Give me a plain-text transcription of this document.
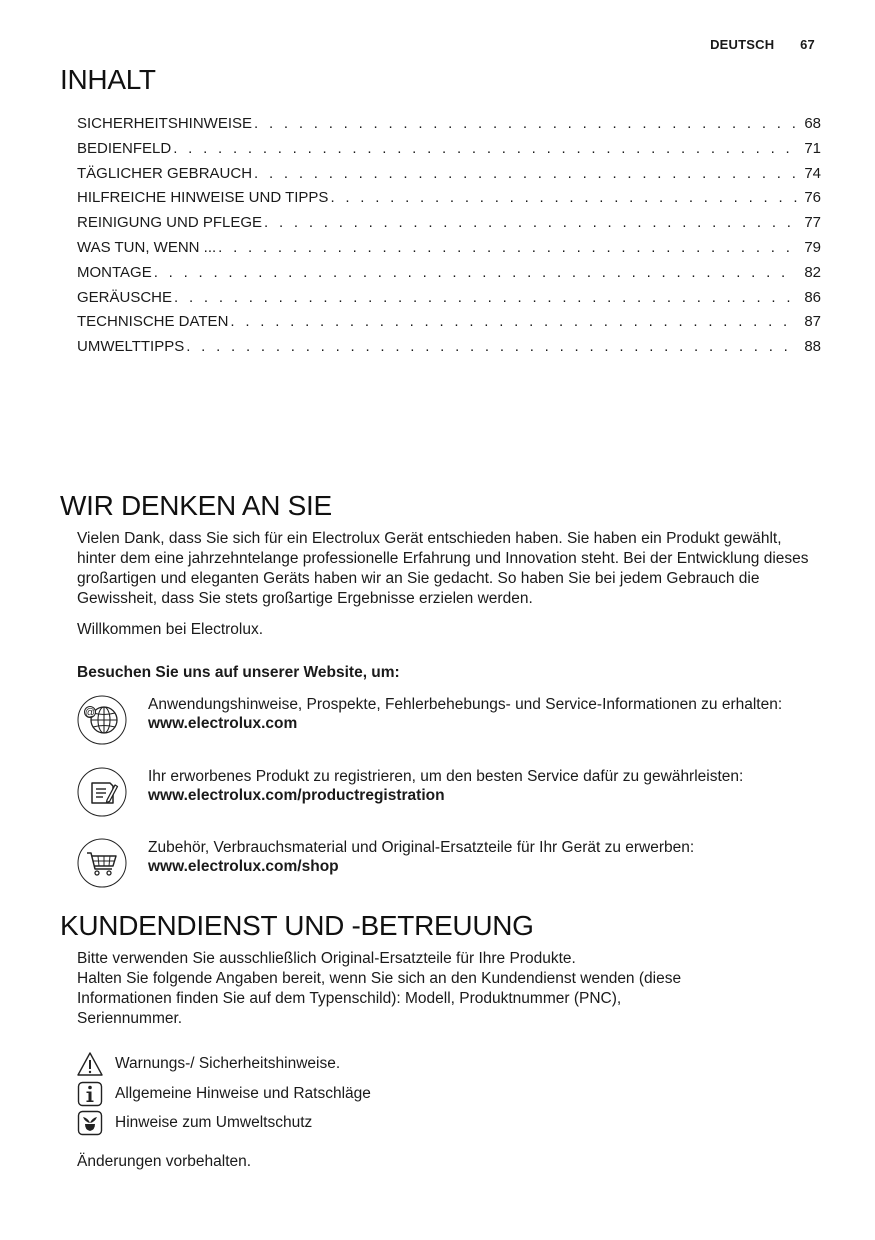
DEUTSCH 67
INHALT
SICHERHEITSHINWEISE . . .	68
BEDIENFELD . . .	71
TÄGLICHER GEBRAUCH . . .	74
HILFREICHE HINWEISE UND TIPPS . . .	76
REINIGUNG UND PFLEGE . . .	77
WAS TUN, WENN ... . . .	79
MONTAGE . . .	82
GERÄUSCHE . . .	86
TECHNISCHE DATEN . . .	87
UMWELTTIPPS . . .	88
WIR DENKEN AN SIE

Vielen Dank, dass Sie sich für ein Electrolux Gerät entschieden haben. Sie haben ein Produkt gewählt, hinter dem eine jahrzehntelange professionelle Erfahrung und Innovation steht. Bei der Entwicklung dieses großartigen und eleganten Geräts haben wir an Sie gedacht. So haben Sie bei jedem Gebrauch die Gewissheit, dass Sie stets großartige Ergebnisse erzielen werden.

Willkommen bei Electrolux.

Besuchen Sie uns auf unserer Website, um:

@	Anwendungshinweise, Prospekte, Fehlerbehebungs- und Service-Informationen zu erhalten:
www.electrolux.com
Ihr erworbenes Produkt zu registrieren, um den besten Service dafür zu gewährleisten:
www.electrolux.com/productregistration
Zubehör, Verbrauchsmaterial und Original-Ersatzteile für Ihr Gerät zu erwerben:
www.electrolux.com/shop
KUNDENDIENST UND -BETREUUNG

Bitte verwenden Sie ausschließlich Original-Ersatzteile für Ihre Produkte.

Halten Sie folgende Angaben bereit, wenn Sie sich an den Kundendienst wenden (diese Informationen finden Sie auf dem Typenschild): Modell, Produktnummer (PNC), Seriennummer.

Warnungs-/ Sicherheitshinweise.
Allgemeine Hinweise und Ratschläge
Hinweise zum Umweltschutz

Änderungen vorbehalten.
